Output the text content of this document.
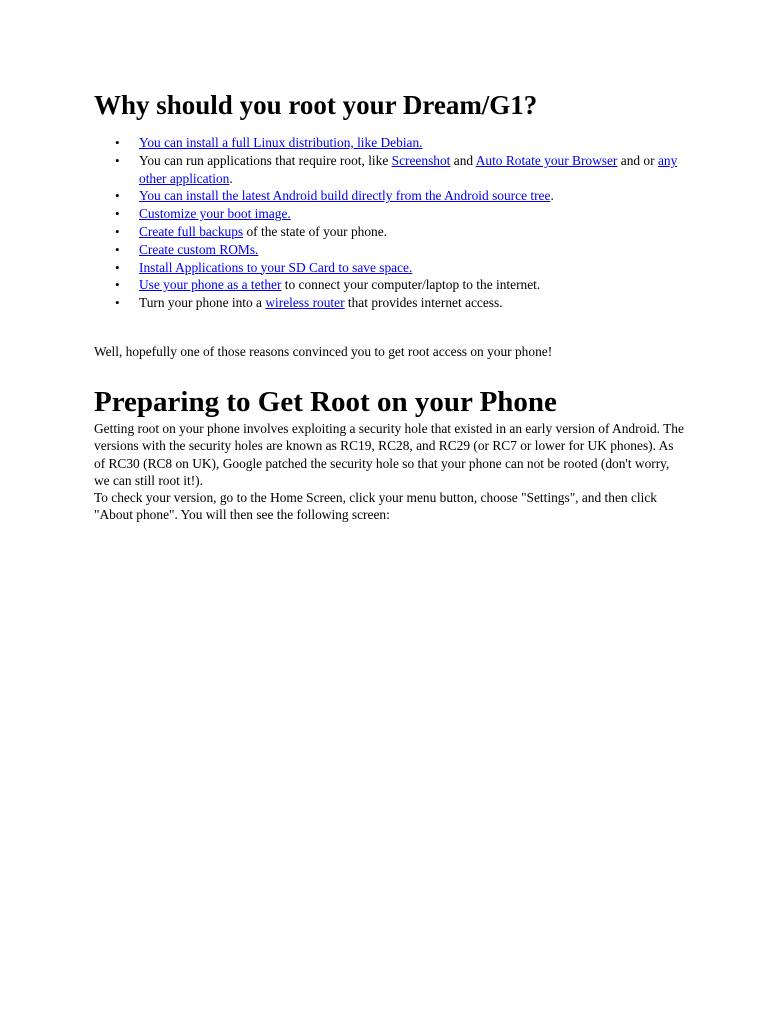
Why should you root your Dream/G1?
• You can install a full Linux distribution, like Debian.
• You can run applications that require root, like Screenshot and Auto Rotate your Browser and or any other application.
• You can install the latest Android build directly from the Android source tree.
• Customize your boot image.
• Create full backups of the state of your phone.
• Create custom ROMs.
• Install Applications to your SD Card to save space.
• Use your phone as a tether to connect your computer/laptop to the internet.
• Turn your phone into a wireless router that provides internet access.

Well, hopefully one of those reasons convinced you to get root access on your phone!

Preparing to Get Root on your Phone

Getting root on your phone involves exploiting a security hole that existed in an early version of Android. The versions with the security holes are known as RC19, RC28, and RC29 (or RC7 or lower for UK phones). As of RC30 (RC8 on UK), Google patched the security hole so that your phone can not be rooted (don't worry, we can still root it!).

To check your version, go to the Home Screen, click your menu button, choose "Settings", and then click "About phone". You will then see the following screen:
